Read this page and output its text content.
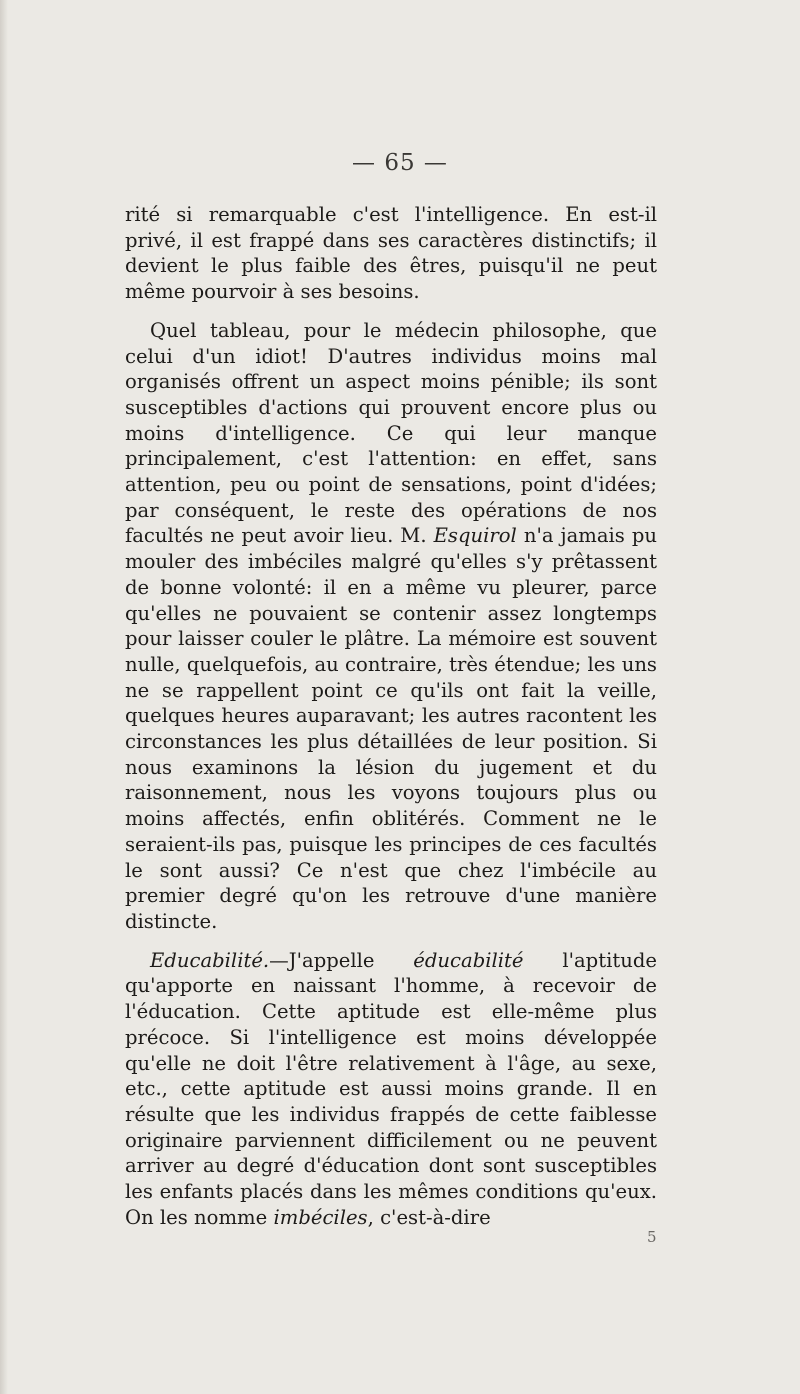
— 65 —

rité si remarquable c'est l'intelligence. En est-il privé, il est frappé dans ses caractères distinctifs; il devient le plus faible des êtres, puisqu'il ne peut même pourvoir à ses besoins.

Quel tableau, pour le médecin philosophe, que celui d'un idiot! D'autres individus moins mal organisés offrent un aspect moins pénible; ils sont susceptibles d'actions qui prouvent encore plus ou moins d'intelligence. Ce qui leur manque principalement, c'est l'attention: en effet, sans attention, peu ou point de sensations, point d'idées; par conséquent, le reste des opérations de nos facultés ne peut avoir lieu. M. Esquirol n'a jamais pu mouler des imbéciles malgré qu'elles s'y prêtassent de bonne volonté: il en a même vu pleurer, parce qu'elles ne pouvaient se contenir assez longtemps pour laisser couler le plâtre. La mémoire est souvent nulle, quelquefois, au contraire, très étendue; les uns ne se rappellent point ce qu'ils ont fait la veille, quelques heures auparavant; les autres racontent les circonstances les plus détaillées de leur position. Si nous examinons la lésion du jugement et du raisonnement, nous les voyons toujours plus ou moins affectés, enfin oblitérés. Comment ne le seraient-ils pas, puisque les principes de ces facultés le sont aussi? Ce n'est que chez l'imbécile au premier degré qu'on les retrouve d'une manière distincte.

Educabilité.—J'appelle éducabilité l'aptitude qu'apporte en naissant l'homme, à recevoir de l'éducation. Cette aptitude est elle-même plus précoce. Si l'intelligence est moins développée qu'elle ne doit l'être relativement à l'âge, au sexe, etc., cette aptitude est aussi moins grande. Il en résulte que les individus frappés de cette faiblesse originaire parviennent difficilement ou ne peuvent arriver au degré d'éducation dont sont susceptibles les enfants placés dans les mêmes conditions qu'eux. On les nomme imbéciles, c'est-à-dire

5
